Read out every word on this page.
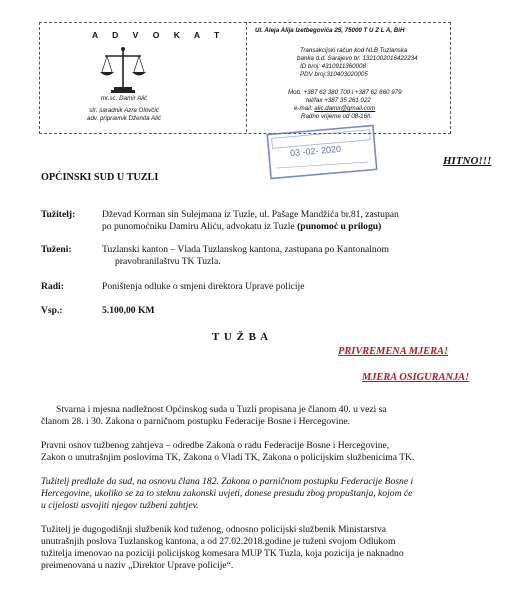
A D V O K A T
mr.sc. Damir Alić
str. saradnik Azra Olovčić
adv. pripravnik Dženita Alić
Ul. Aleja Alija Izetbegovića 25, 75000 T U Z L A, BiH
Transakcijski račun kod NLB Tuzlanska
banka d.d. Sarajevo br. 1321002016422234
ID broj: 4310911360008
PDV broj:310403020005
Mob. +387 62 380 700 i +387 62 660 979
tel/fax +387 35 261 022
e-mail: alic.damir@gmail.com
Radno vrijeme od 08-16h.
03 -02- 2020
HITNO!!!
OPĆINSKI SUD U TUZLI
Tužitelj:	Dževad Korman sin Sulejmana iz Tuzle, ul. Pašage Mandžića br.81, zastupan
po punomoćniku Damiru Aliću, advokatu iz Tuzle (punomoć u prilogu)
Tuženi:	Tuzlanski kanton – Vlada Tuzlanskog kantona, zastupana po Kantonalnom
pravobranilaštvu TK Tuzla.
Radi:	Poništenja odluke o smjeni direktora Uprave policije
Vsp.:	5.100,00 KM
T U Ž B A
PRIVREMENA MJERA!
MJERA OSIGURANJA!
Stvarna i mjesna nadležnost Općinskog suda u Tuzli propisana je članom 40. u vezi sa
članom 28. i 30. Zakona o parničnom postupku Federacije Bosne i Hercegovine.
Pravni osnov tužbenog zahtjeva – odredbe Zakona o radu Federacije Bosne i Hercegovine,
Zakon o unutrašnjim poslovima TK, Zakona o Vladi TK, Zakona o policijskim službenicima TK.
Tužitelj predlaže da sud, na osnovu člana 182. Zakona o parničnom postupku Federacije Bosne i
Hercegovine, ukoliko se za to steknu zakonski uvjeti, donese presudu zbog propuštanja, kojom će
u cijelosti usvojiti njegov tužbeni zahtjev.
Tužitelj je dugogodišnji službenik kod tuženog, odnosno policijski službenik Ministarstva
unutrašnjih poslova Tuzlanskog kantona, a od 27.02.2018.godine je tuženi svojom Odlukom
tužitelja imenovao na poziciji policijskog komesara MUP TK Tuzla, koja pozicija je naknadno
preimenovana u naziv „Direktor Uprave policije“.
